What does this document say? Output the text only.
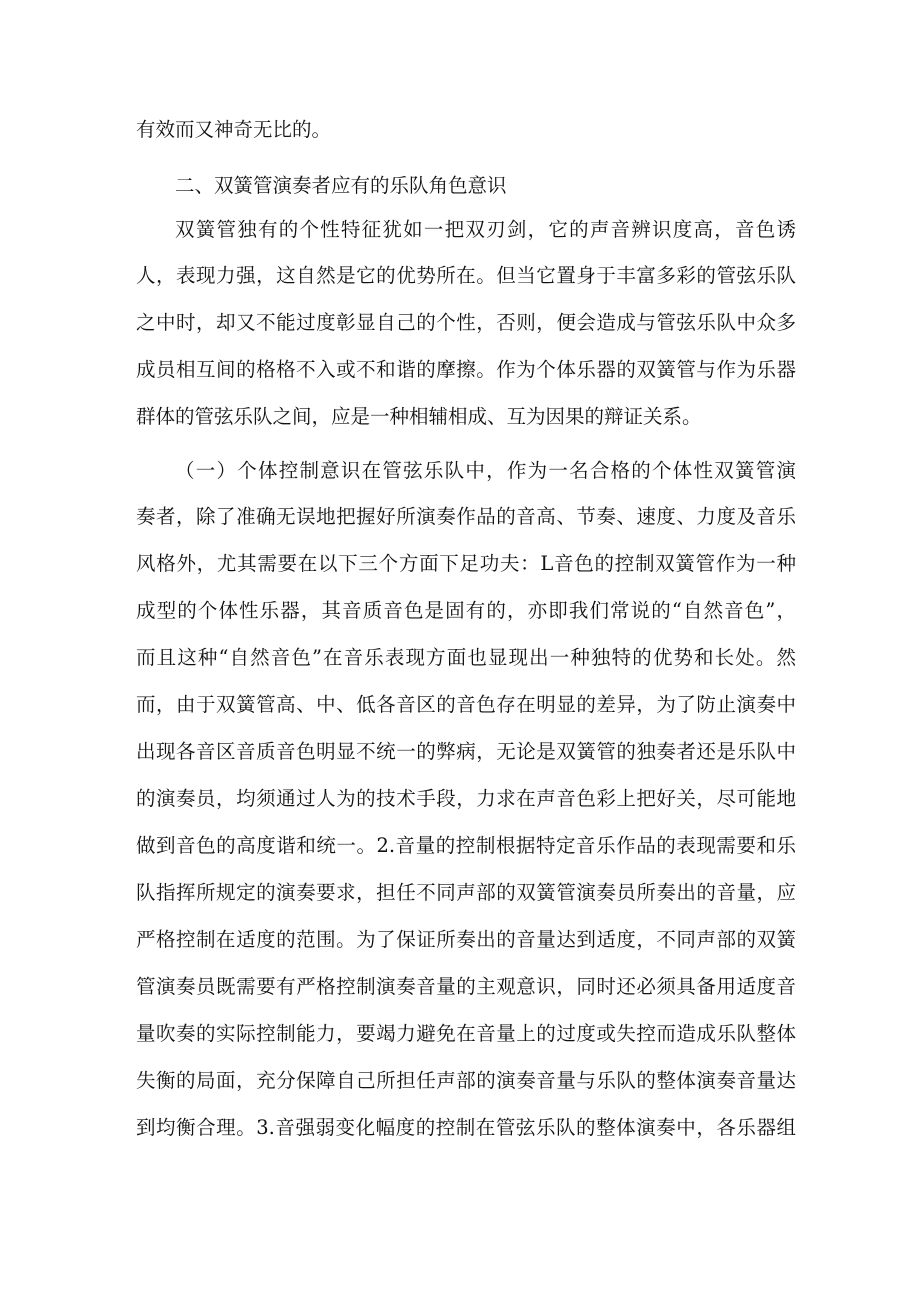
有效而又神奇无比的。
二、双簧管演奏者应有的乐队角色意识
双簧管独有的个性特征犹如一把双刃剑，它的声音辨识度高，音色诱
人，表现力强，这自然是它的优势所在。但当它置身于丰富多彩的管弦乐队
之中时，却又不能过度彰显自己的个性，否则，便会造成与管弦乐队中众多
成员相互间的格格不入或不和谐的摩擦。作为个体乐器的双簧管与作为乐器
群体的管弦乐队之间，应是一种相辅相成、互为因果的辩证关系。
（一）个体控制意识在管弦乐队中，作为一名合格的个体性双簧管演
奏者，除了准确无误地把握好所演奏作品的音高、节奏、速度、力度及音乐
风格外，尤其需要在以下三个方面下足功夫：L音色的控制双簧管作为一种
成型的个体性乐器，其音质音色是固有的，亦即我们常说的“自然音色”，
而且这种“自然音色”在音乐表现方面也显现出一种独特的优势和长处。然
而，由于双簧管高、中、低各音区的音色存在明显的差异，为了防止演奏中
出现各音区音质音色明显不统一的弊病，无论是双簧管的独奏者还是乐队中
的演奏员，均须通过人为的技术手段，力求在声音色彩上把好关，尽可能地
做到音色的高度谐和统一。2.音量的控制根据特定音乐作品的表现需要和乐
队指挥所规定的演奏要求，担任不同声部的双簧管演奏员所奏出的音量，应
严格控制在适度的范围。为了保证所奏出的音量达到适度，不同声部的双簧
管演奏员既需要有严格控制演奏音量的主观意识，同时还必须具备用适度音
量吹奏的实际控制能力，要竭力避免在音量上的过度或失控而造成乐队整体
失衡的局面，充分保障自己所担任声部的演奏音量与乐队的整体演奏音量达
到均衡合理。3.音强弱变化幅度的控制在管弦乐队的整体演奏中，各乐器组
